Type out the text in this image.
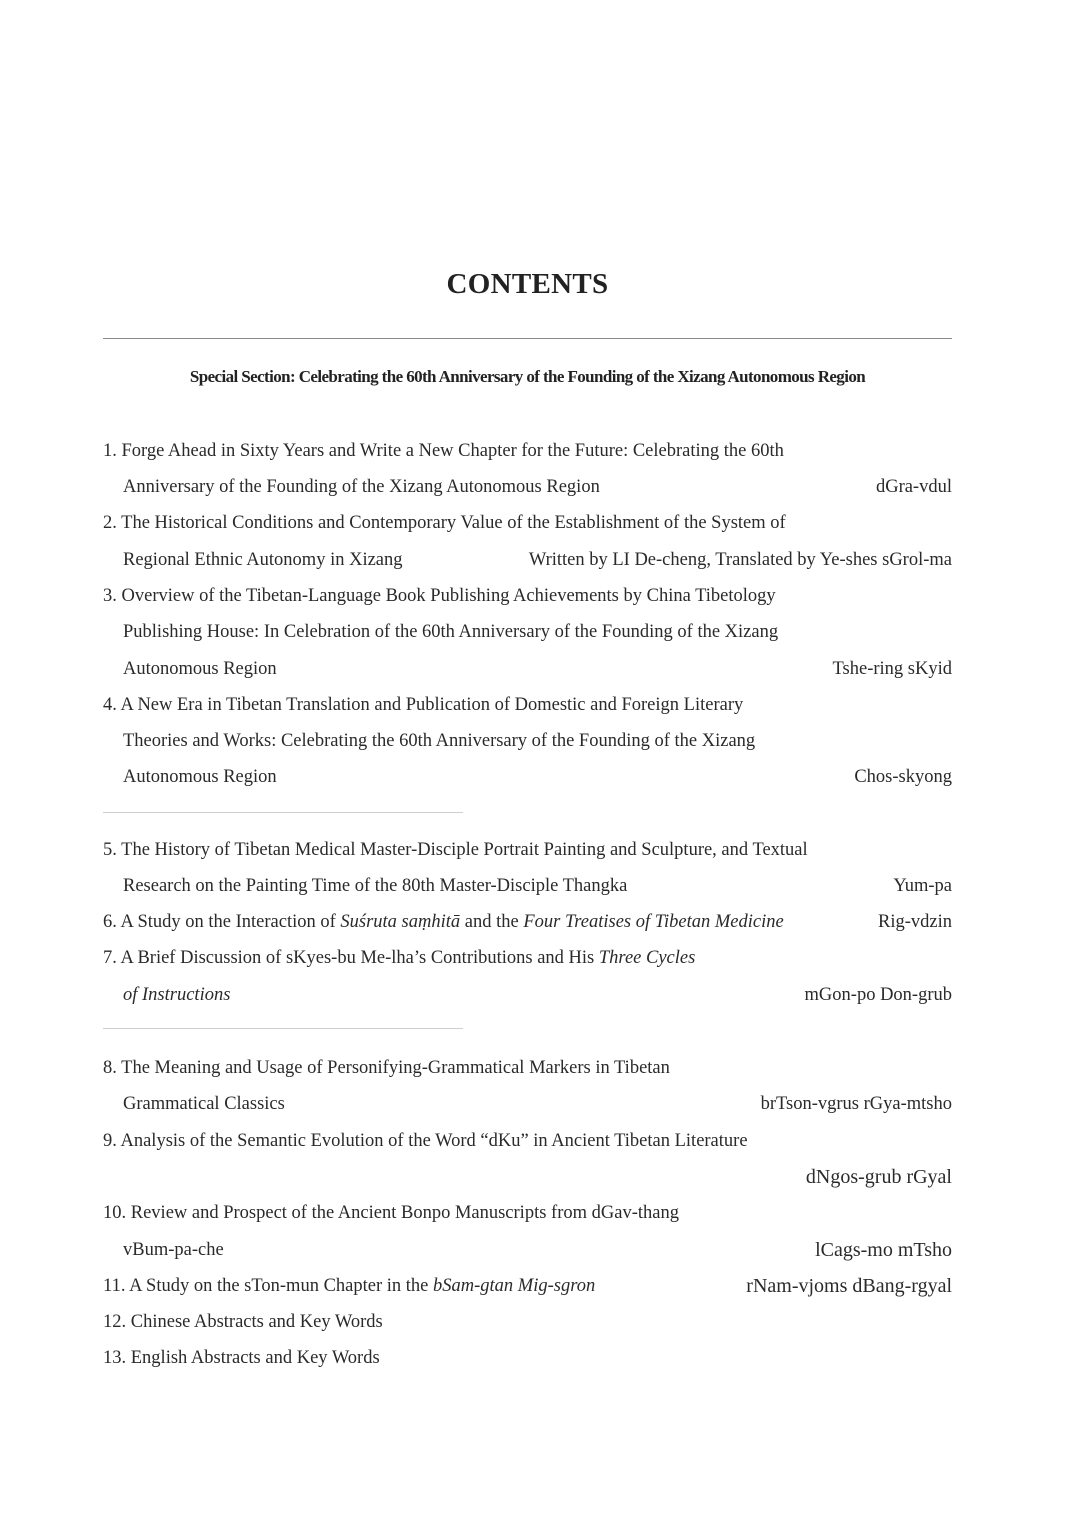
CONTENTS
Special Section: Celebrating the 60th Anniversary of the Founding of the Xizang Autonomous Region
1. Forge Ahead in Sixty Years and Write a New Chapter for the Future: Celebrating the 60th
Anniversary of the Founding of the Xizang Autonomous Region	dGra-vdul
2. The Historical Conditions and Contemporary Value of the Establishment of the System of
Regional Ethnic Autonomy in Xizang	Written by LI De-cheng, Translated by Ye-shes sGrol-ma
3. Overview of the Tibetan-Language Book Publishing Achievements by China Tibetology
Publishing House: In Celebration of the 60th Anniversary of the Founding of the Xizang
Autonomous Region	Tshe-ring sKyid
4. A New Era in Tibetan Translation and Publication of Domestic and Foreign Literary
Theories and Works: Celebrating the 60th Anniversary of the Founding of the Xizang
Autonomous Region	Chos-skyong
5. The History of Tibetan Medical Master-Disciple Portrait Painting and Sculpture, and Textual
Research on the Painting Time of the 80th Master-Disciple Thangka	Yum-pa
6. A Study on the Interaction of Suśruta saṃhitā and the Four Treatises of Tibetan Medicine	Rig-vdzin
7. A Brief Discussion of sKyes-bu Me-lha’s Contributions and His Three Cycles
of Instructions	mGon-po Don-grub
8. The Meaning and Usage of Personifying-Grammatical Markers in Tibetan
Grammatical Classics	brTson-vgrus rGya-mtsho
9. Analysis of the Semantic Evolution of the Word “dKu” in Ancient Tibetan Literature
dNgos-grub rGyal
10. Review and Prospect of the Ancient Bonpo Manuscripts from dGav-thang
vBum-pa-che	lCags-mo mTsho
11. A Study on the sTon-mun Chapter in the bSam-gtan Mig-sgron	rNam-vjoms dBang-rgyal
12. Chinese Abstracts and Key Words
13. English Abstracts and Key Words
